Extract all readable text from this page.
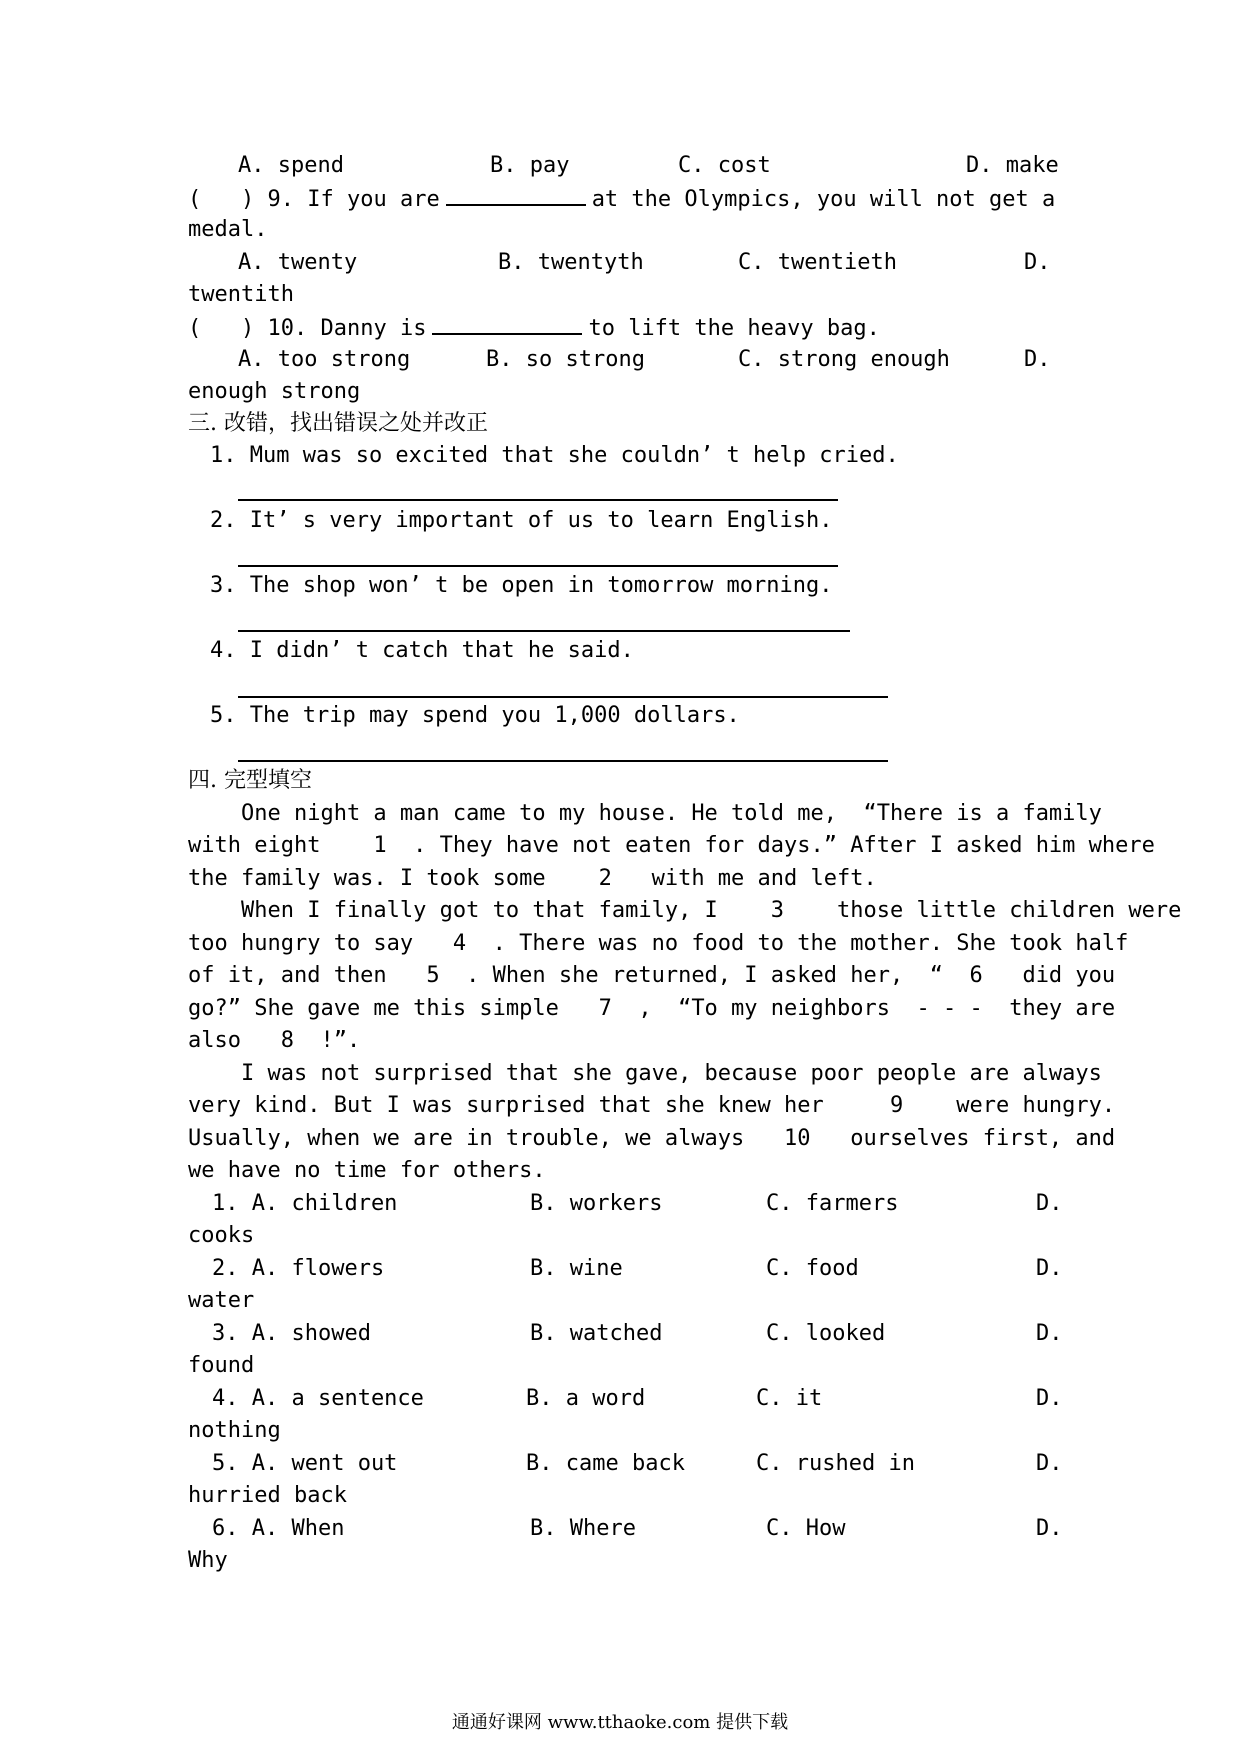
A. spend	B. pay	C. cost	D. make
(   ) 9. If you are	at the Olympics, you will not get a
medal.
A. twenty	B. twentyth	C. twentieth	D.
twentith
(   ) 10. Danny is	to lift the heavy bag.
A. too strong	B. so strong	C. strong enough	D.
enough strong
三. 改错，找出错误之处并改正
1. Mum was so excited that she couldn’ t help cried.
2. It’ s very important of us to learn English.
3. The shop won’ t be open in tomorrow morning.
4. I didn’ t catch that he said.
5. The trip may spend you 1,000 dollars.
四. 完型填空
One night a man came to my house. He told me,  “There is a family
with eight    1  . They have not eaten for days.” After I asked him where
the family was. I took some    2   with me and left.
When I finally got to that family, I    3    those little children were
too hungry to say   4  . There was no food to the mother. She took half
of it, and then   5  . When she returned, I asked her,  “  6   did you
go?” She gave me this simple   7  ,  “To my neighbors  - - -  they are
also   8  !”.
I was not surprised that she gave, because poor people are always
very kind. But I was surprised that she knew her     9    were hungry.
Usually, when we are in trouble, we always   10   ourselves first, and
we have no time for others.
1. A. children	B. workers	C. farmers	D.
cooks
2. A. flowers	B. wine	C. food	D.
water
3. A. showed	B. watched	C. looked	D.
found
4. A. a sentence	B. a word	C. it	D.
nothing
5. A. went out	B. came back	C. rushed in	D.
hurried back
6. A. When	B. Where	C. How	D.
Why
通通好课网 www.tthaoke.com 提供下载
